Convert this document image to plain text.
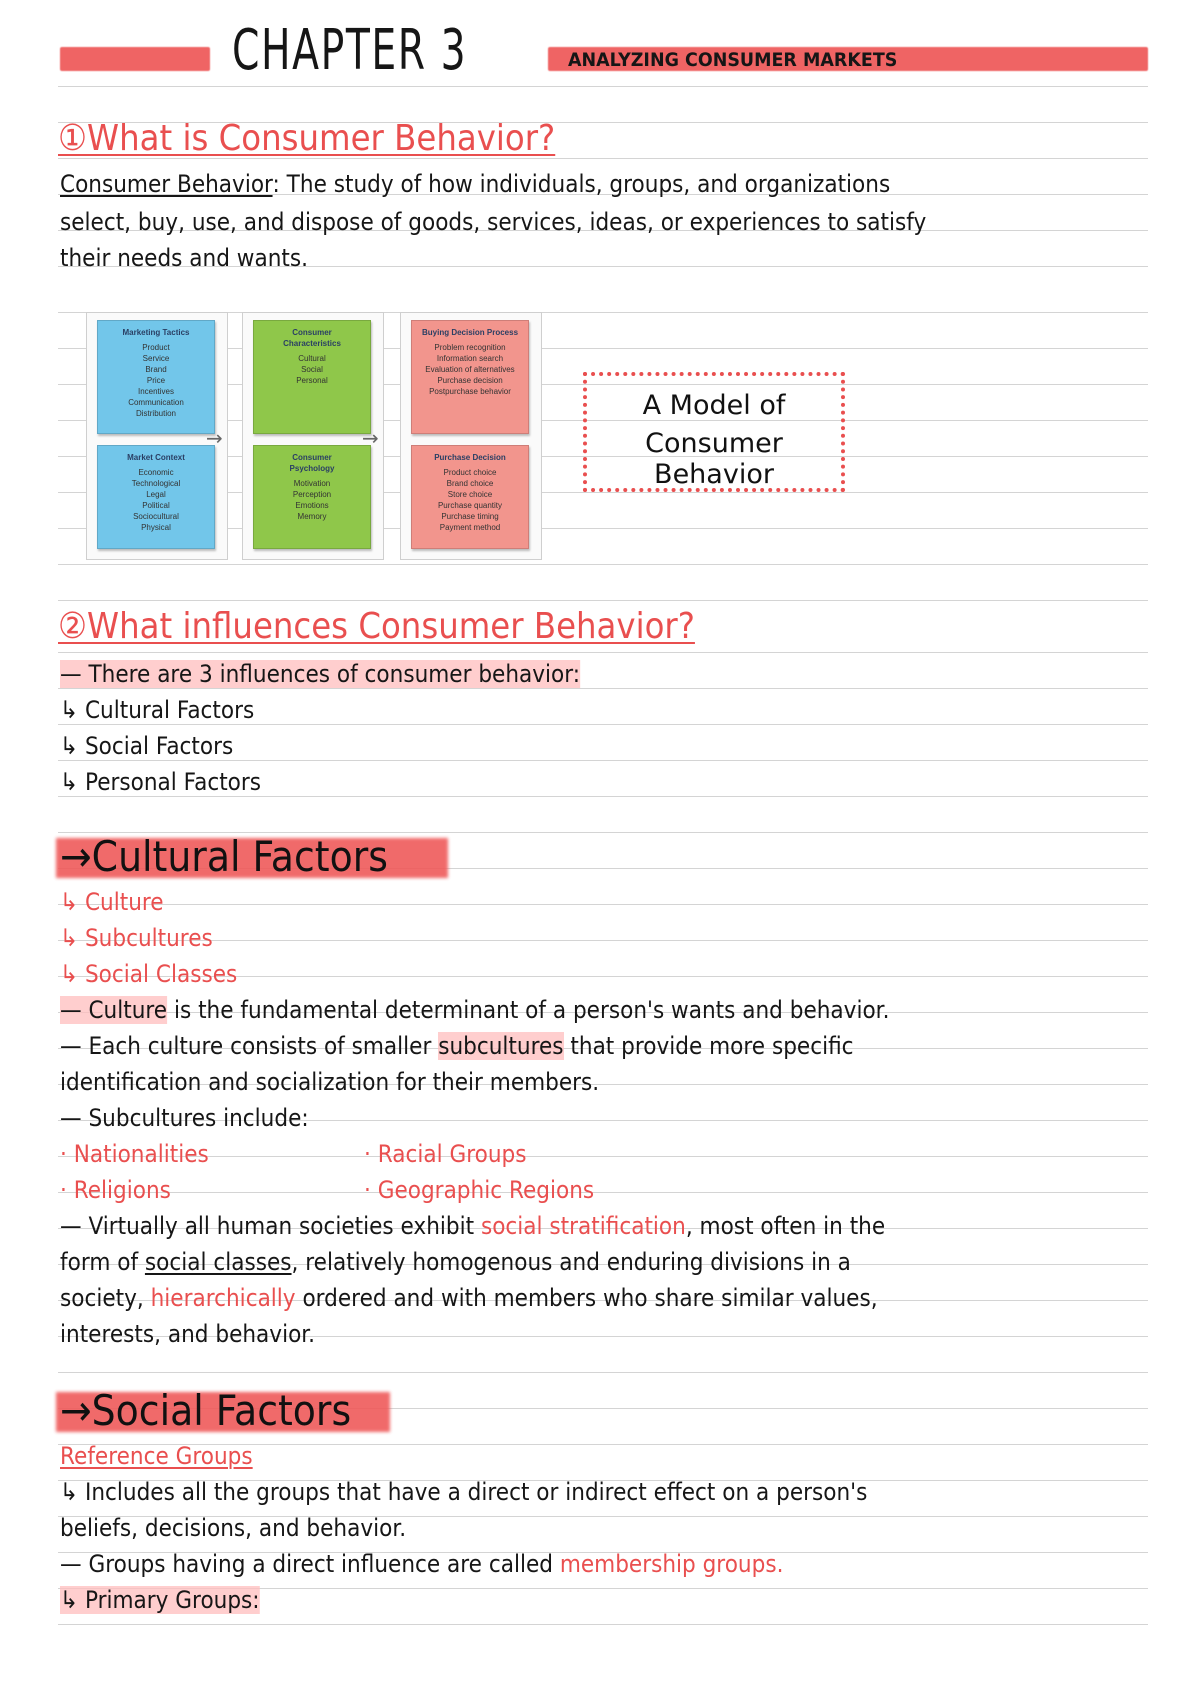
CHAPTER 3	ANALYZING CONSUMER MARKETS
①What is Consumer Behavior?
Consumer Behavior: The study of how individuals, groups, and organizations
select, buy, use, and dispose of goods, services, ideas, or experiences to satisfy
their needs and wants.
Marketing Tactics
Product
Service
Brand
Price
Incentives
Communication
Distribution
Market Context
Economic
Technological
Legal
Political
Sociocultural
Physical
→
Consumer
Characteristics
Cultural
Social
Personal
Consumer
Psychology
Motivation
Perception
Emotions
Memory
→
Buying Decision Process
Problem recognition
Information search
Evaluation of alternatives
Purchase decision
Postpurchase behavior
Purchase Decision
Product choice
Brand choice
Store choice
Purchase quantity
Purchase timing
Payment method
A Model of
Consumer Behavior
②What influences Consumer Behavior?
— There are 3 influences of consumer behavior:
↳ Cultural Factors
↳ Social Factors
↳ Personal Factors
→Cultural Factors
↳ Culture
↳ Subcultures
↳ Social Classes
— Culture is the fundamental determinant of a person's wants and behavior.
— Each culture consists of smaller subcultures that provide more specific
identification and socialization for their members.
— Subcultures include:
· Nationalities	· Racial Groups
· Religions	· Geographic Regions
— Virtually all human societies exhibit social stratification, most often in the
form of social classes, relatively homogenous and enduring divisions in a
society, hierarchically ordered and with members who share similar values,
interests, and behavior.
→Social Factors
Reference Groups
↳ Includes all the groups that have a direct or indirect effect on a person's
beliefs, decisions, and behavior.
— Groups having a direct influence are called membership groups.
↳ Primary Groups:
